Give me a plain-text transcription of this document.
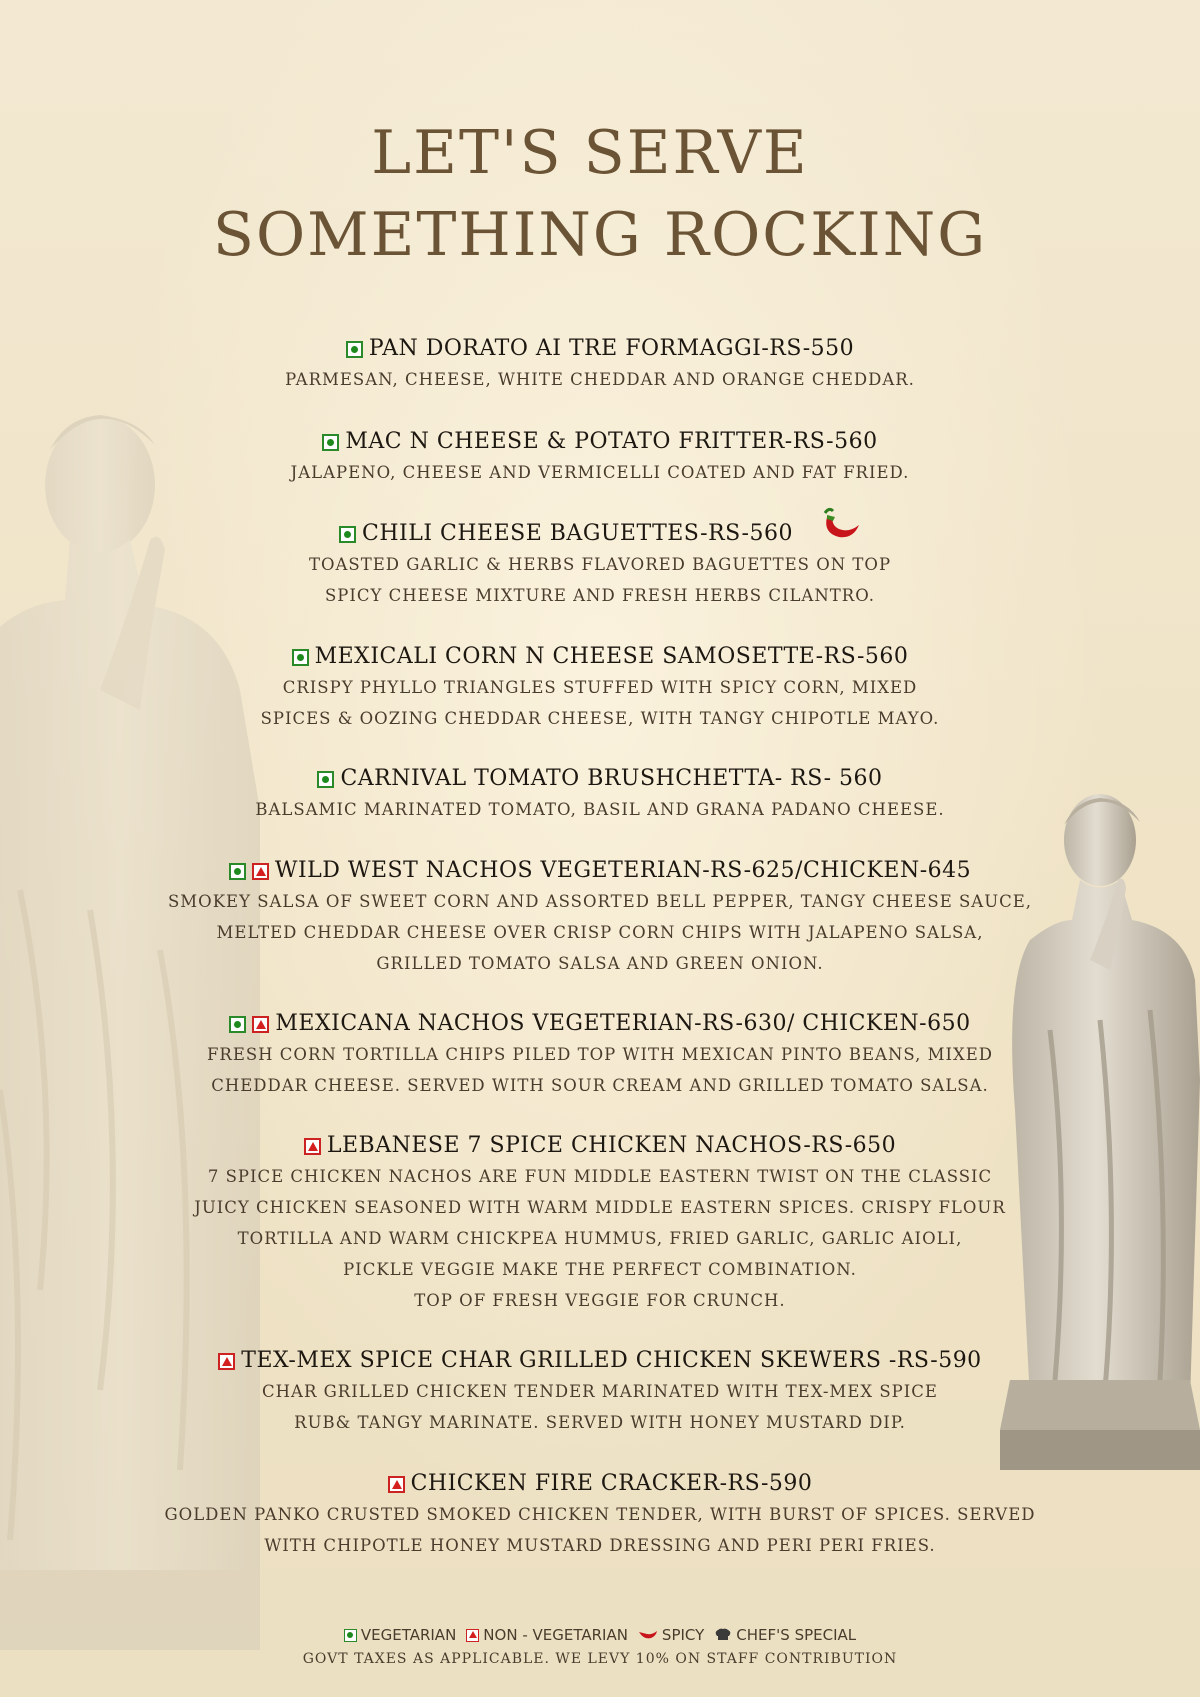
LET'S SERVE
SOMETHING ROCKING
PAN DORATO AI TRE FORMAGGI-RS-550
PARMESAN, CHEESE, WHITE CHEDDAR AND ORANGE CHEDDAR.
MAC N CHEESE & POTATO FRITTER-RS-560
JALAPENO, CHEESE AND VERMICELLI COATED AND FAT FRIED.
CHILI CHEESE BAGUETTES-RS-560
TOASTED GARLIC & HERBS FLAVORED BAGUETTES ON TOP
SPICY CHEESE MIXTURE AND FRESH HERBS CILANTRO.
MEXICALI CORN N CHEESE SAMOSETTE-RS-560
CRISPY PHYLLO TRIANGLES STUFFED WITH SPICY CORN, MIXED
SPICES & OOZING CHEDDAR CHEESE, WITH TANGY CHIPOTLE MAYO.
CARNIVAL TOMATO BRUSHCHETTA- RS- 560
BALSAMIC MARINATED TOMATO, BASIL AND GRANA PADANO CHEESE.
WILD WEST NACHOS VEGETERIAN-RS-625/CHICKEN-645
SMOKEY SALSA OF SWEET CORN AND ASSORTED BELL PEPPER, TANGY CHEESE SAUCE,
MELTED CHEDDAR CHEESE OVER CRISP CORN CHIPS WITH JALAPENO SALSA,
GRILLED TOMATO SALSA AND GREEN ONION.
MEXICANA NACHOS VEGETERIAN-RS-630/ CHICKEN-650
FRESH CORN TORTILLA CHIPS PILED TOP WITH MEXICAN PINTO BEANS, MIXED
CHEDDAR CHEESE. SERVED WITH SOUR CREAM AND GRILLED TOMATO SALSA.
LEBANESE 7 SPICE CHICKEN NACHOS-RS-650
7 SPICE CHICKEN NACHOS ARE FUN MIDDLE EASTERN TWIST ON THE CLASSIC
JUICY CHICKEN SEASONED WITH WARM MIDDLE EASTERN SPICES. CRISPY FLOUR
TORTILLA AND WARM CHICKPEA HUMMUS, FRIED GARLIC, GARLIC AIOLI,
PICKLE VEGGIE MAKE THE PERFECT COMBINATION.
TOP OF FRESH VEGGIE FOR CRUNCH.
TEX-MEX SPICE CHAR GRILLED CHICKEN SKEWERS -RS-590
CHAR GRILLED CHICKEN TENDER MARINATED WITH TEX-MEX SPICE
RUB& TANGY MARINATE. SERVED WITH HONEY MUSTARD DIP.
CHICKEN FIRE CRACKER-RS-590
GOLDEN PANKO CRUSTED SMOKED CHICKEN TENDER, WITH BURST OF SPICES. SERVED
WITH CHIPOTLE HONEY MUSTARD DRESSING AND PERI PERI FRIES.
VEGETARIAN NON - VEGETARIAN SPICY CHEF'S SPECIAL
GOVT TAXES AS APPLICABLE. WE LEVY 10% ON STAFF CONTRIBUTION
